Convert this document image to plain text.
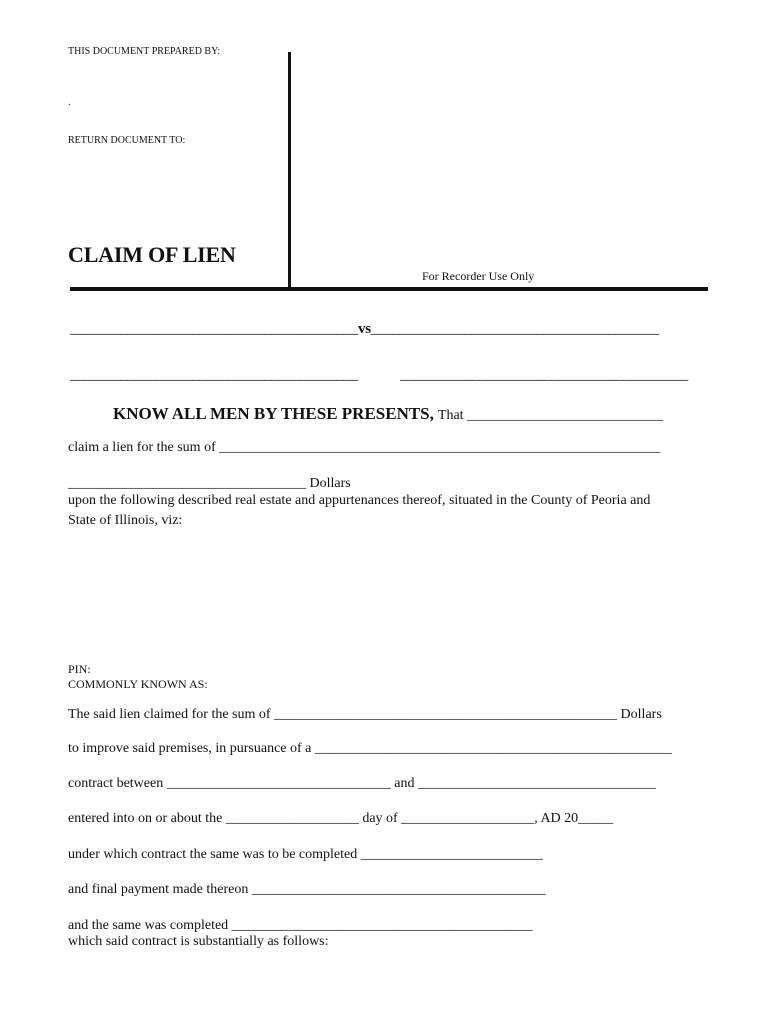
THIS DOCUMENT PREPARED BY:
.
RETURN DOCUMENT TO:
CLAIM OF LIEN
For Recorder Use Only
________________________________________vs________________________________________
________________________________________	________________________________________
KNOW ALL MEN BY THESE PRESENTS, That ____________________________
claim a lien for the sum of _______________________________________________________________
__________________________________ Dollars
upon the following described real estate and appurtenances thereof, situated in the County of Peoria and
State of Illinois, viz:
PIN:
COMMONLY KNOWN AS:
The said lien claimed for the sum of _________________________________________________ Dollars
to improve said premises, in pursuance of a ___________________________________________________
contract between ________________________________ and __________________________________
entered into on or about the ___________________ day of ___________________, AD 20_____
under which contract the same was to be completed __________________________
and final payment made thereon __________________________________________
and the same was completed ___________________________________________
which said contract is substantially as follows:
